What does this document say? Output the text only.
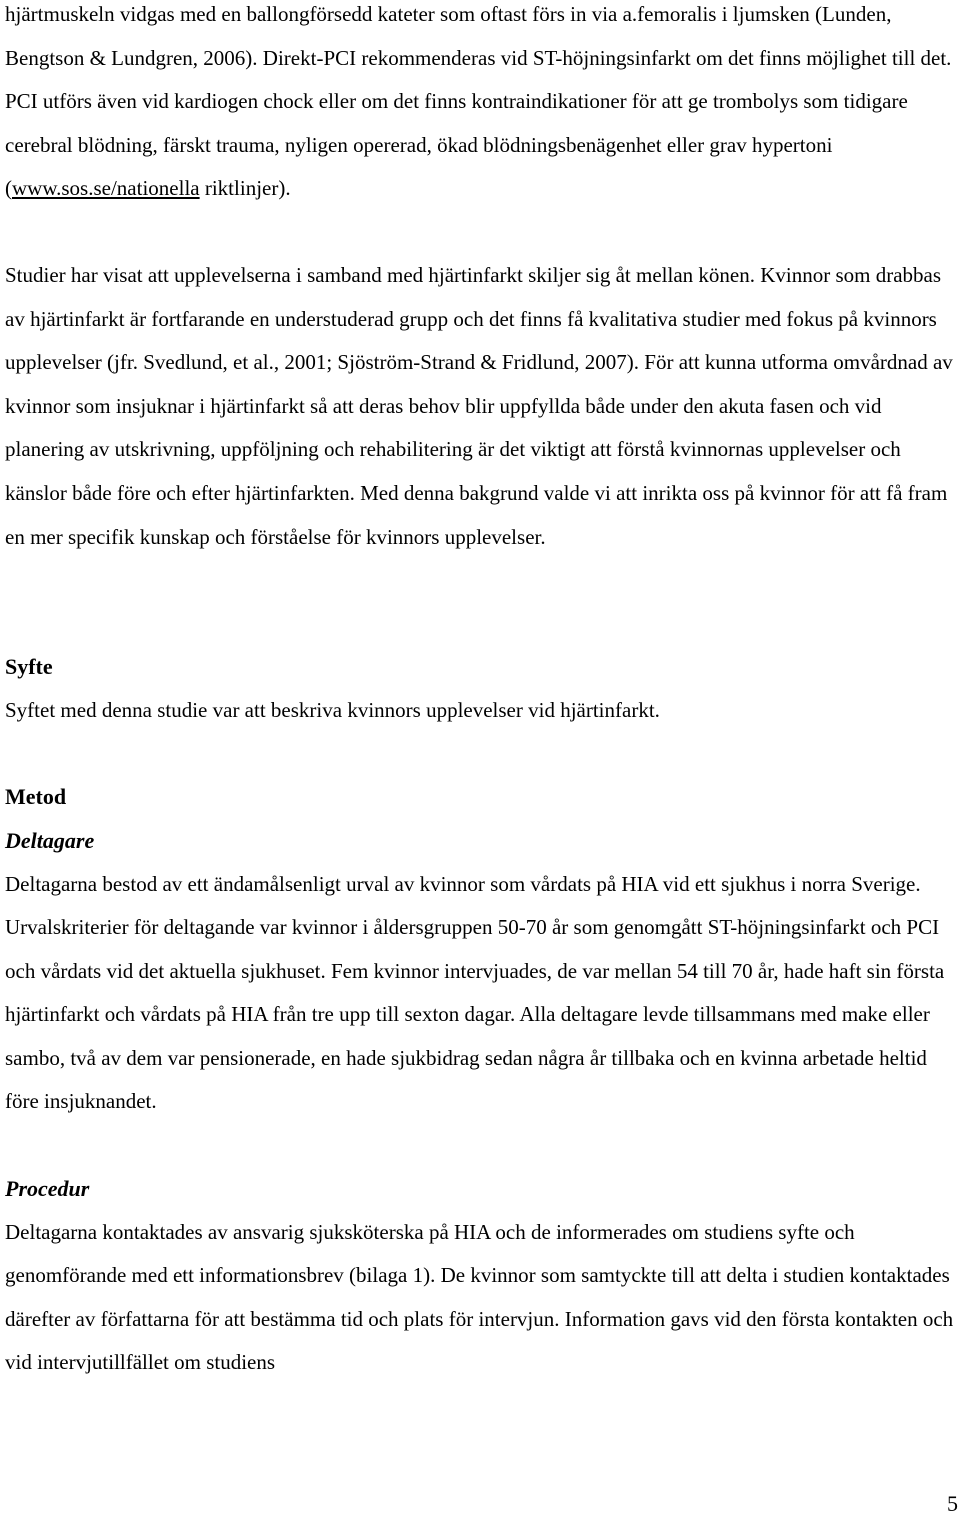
hjärtmuskeln vidgas med en ballongförsedd kateter som oftast förs in via a.femoralis i ljumsken (Lunden, Bengtson & Lundgren, 2006). Direkt-PCI rekommenderas vid ST-höjningsinfarkt om det finns möjlighet till det. PCI utförs även vid kardiogen chock eller om det finns kontraindikationer för att ge trombolys som tidigare cerebral blödning, färskt trauma, nyligen opererad, ökad blödningsbenägenhet eller grav hypertoni (www.sos.se/nationella riktlinjer).

Studier har visat att upplevelserna i samband med hjärtinfarkt skiljer sig åt mellan könen. Kvinnor som drabbas av hjärtinfarkt är fortfarande en understuderad grupp och det finns få kvalitativa studier med fokus på kvinnors upplevelser (jfr. Svedlund, et al., 2001; Sjöström-Strand & Fridlund, 2007). För att kunna utforma omvårdnad av kvinnor som insjuknar i hjärtinfarkt så att deras behov blir uppfyllda både under den akuta fasen och vid planering av utskrivning, uppföljning och rehabilitering är det viktigt att förstå kvinnornas upplevelser och känslor både före och efter hjärtinfarkten. Med denna bakgrund valde vi att inrikta oss på kvinnor för att få fram en mer specifik kunskap och förståelse för kvinnors upplevelser.

Syfte

Syftet med denna studie var att beskriva kvinnors upplevelser vid hjärtinfarkt.

Metod
Deltagare

Deltagarna bestod av ett ändamålsenligt urval av kvinnor som vårdats på HIA vid ett sjukhus i norra Sverige. Urvalskriterier för deltagande var kvinnor i åldersgruppen 50-70 år som genomgått ST-höjningsinfarkt och PCI och vårdats vid det aktuella sjukhuset. Fem kvinnor intervjuades, de var mellan 54 till 70 år, hade haft sin första hjärtinfarkt och vårdats på HIA från tre upp till sexton dagar. Alla deltagare levde tillsammans med make eller sambo, två av dem var pensionerade, en hade sjukbidrag sedan några år tillbaka och en kvinna arbetade heltid före insjuknandet.

Procedur

Deltagarna kontaktades av ansvarig sjuksköterska på HIA och de informerades om studiens syfte och genomförande med ett informationsbrev (bilaga 1). De kvinnor som samtyckte till att delta i studien kontaktades därefter av författarna för att bestämma tid och plats för intervjun. Information gavs vid den första kontakten och vid intervjutillfället om studiens

5
